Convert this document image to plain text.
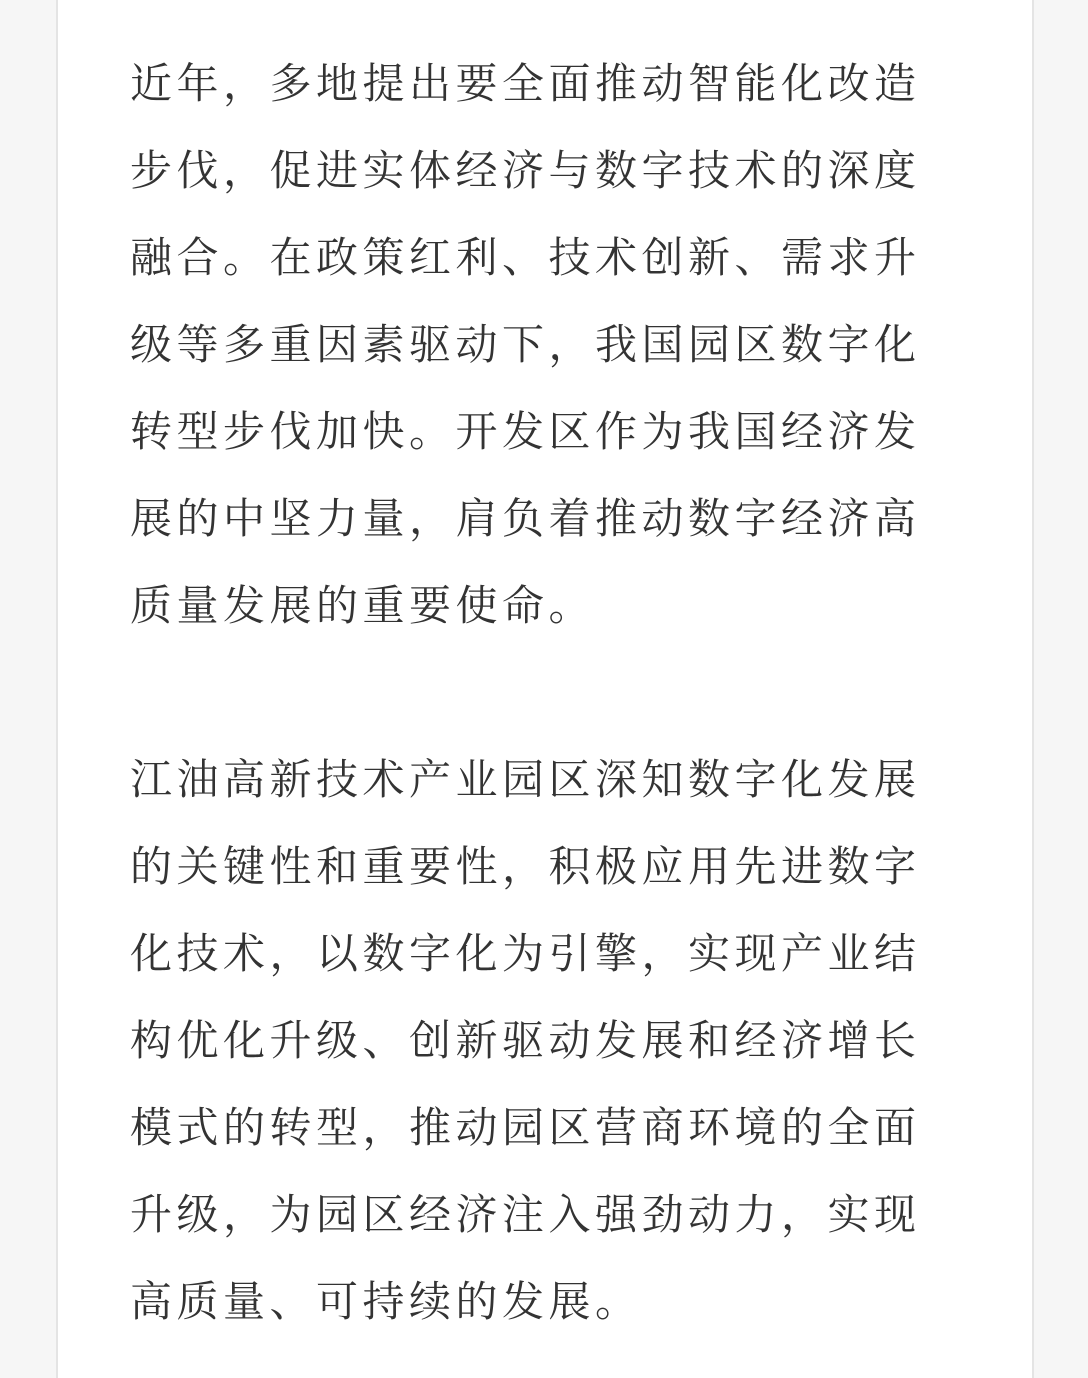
近年，多地提出要全面推动智能化改造步伐，促进实体经济与数字技术的深度融合。在政策红利、技术创新、需求升级等多重因素驱动下，我国园区数字化转型步伐加快。开发区作为我国经济发展的中坚力量，肩负着推动数字经济高质量发展的重要使命。

江油高新技术产业园区深知数字化发展的关键性和重要性，积极应用先进数字化技术，以数字化为引擎，实现产业结构优化升级、创新驱动发展和经济增长模式的转型，推动园区营商环境的全面升级，为园区经济注入强劲动力，实现高质量、可持续的发展。
